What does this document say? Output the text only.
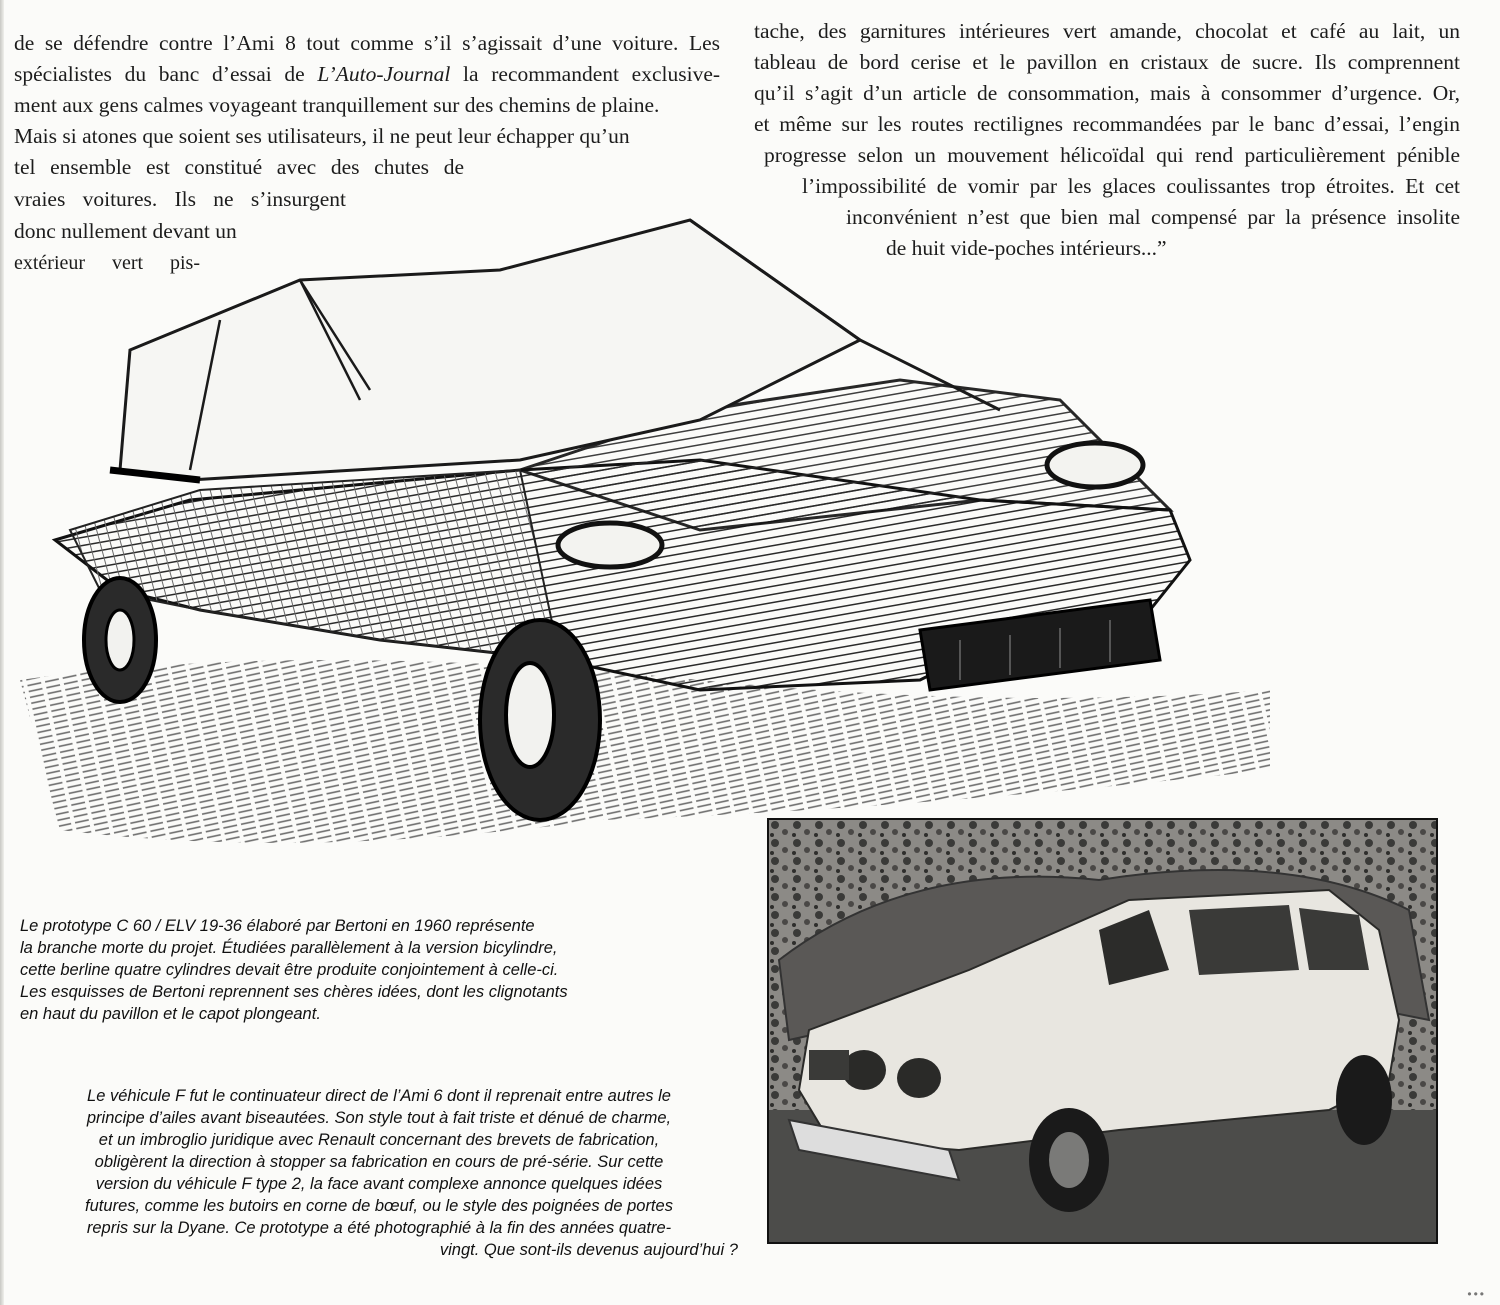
de se défendre contre l’Ami 8 tout comme s’il s’agissait d’une voiture. Les
spécialistes du banc d’essai de L’Auto-Journal la recommandent exclusive-
ment aux gens calmes voyageant tranquillement sur des chemins de plaine.
Mais si atones que soient ses utilisateurs, il ne peut leur échapper qu’un
tel ensemble est constitué avec des chutes de
vraies voitures. Ils ne s’insurgent
donc nullement devant un
extérieur vert pis-
tache, des garnitures intérieures vert amande, chocolat et café au lait, un
tableau de bord cerise et le pavillon en cristaux de sucre. Ils comprennent
qu’il s’agit d’un article de consommation, mais à consommer d’urgence. Or,
et même sur les routes rectilignes recommandées par le banc d’essai, l’engin
progresse selon un mouvement hélicoïdal qui rend particulièrement pénible
l’impossibilité de vomir par les glaces coulissantes trop étroites. Et cet
inconvénient n’est que bien mal compensé par la présence insolite
de huit vide-poches intérieurs...”
Le prototype C 60 / ELV 19-36 élaboré par Bertoni en 1960 représente
la branche morte du projet. Étudiées parallèlement à la version bicylindre,
cette berline quatre cylindres devait être produite conjointement à celle-ci.
Les esquisses de Bertoni reprennent ses chères idées, dont les clignotants
en haut du pavillon et le capot plongeant.
Le véhicule F fut le continuateur direct de l’Ami 6 dont il reprenait entre autres le
principe d’ailes avant biseautées. Son style tout à fait triste et dénué de charme,
et un imbroglio juridique avec Renault concernant des brevets de fabrication,
obligèrent la direction à stopper sa fabrication en cours de pré-série. Sur cette
version du véhicule F type 2, la face avant complexe annonce quelques idées
futures, comme les butoirs en corne de bœuf, ou le style des poignées de portes
repris sur la Dyane. Ce prototype a été photographié à la fin des années quatre-
vingt. Que sont-ils devenus aujourd’hui ?
•••
